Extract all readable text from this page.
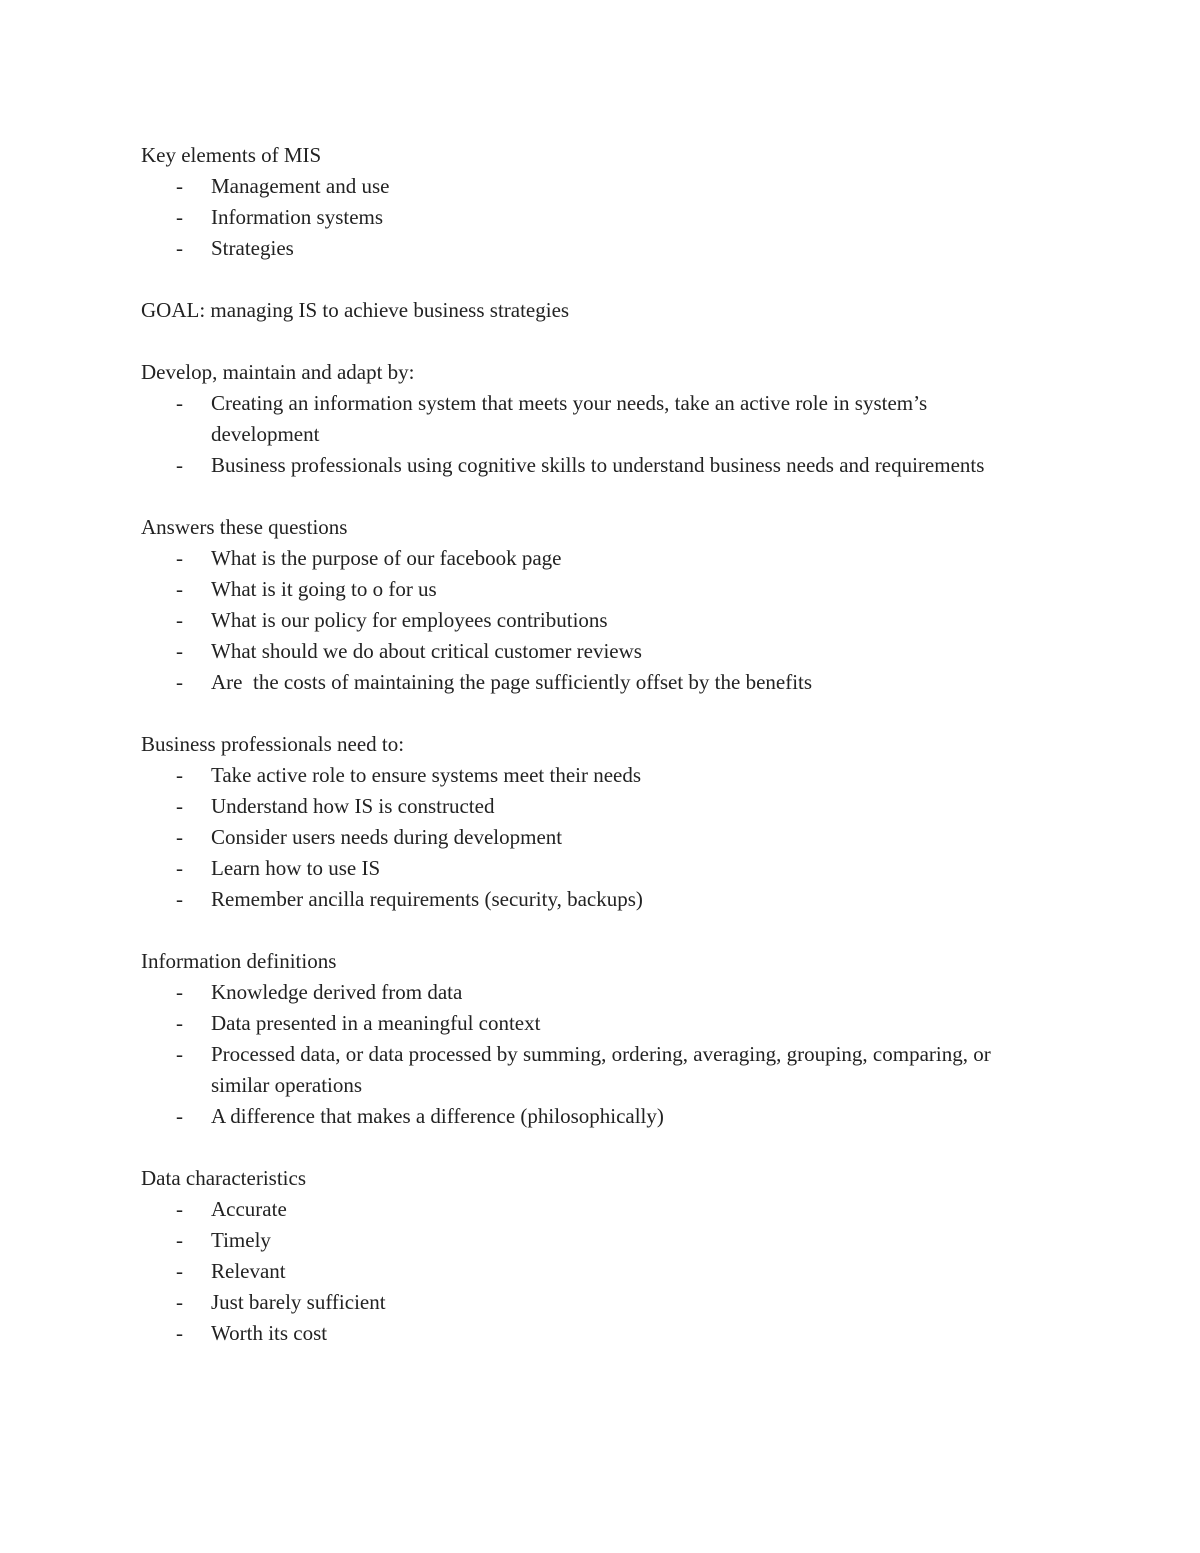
Key elements of MIS

- Management and use
- Information systems
- Strategies

GOAL: managing IS to achieve business strategies

Develop, maintain and adapt by:

- Creating an information system that meets your needs, take an active role in system’s development
- Business professionals using cognitive skills to understand business needs and requirements

Answers these questions

- What is the purpose of our facebook page
- What is it going to o for us
- What is our policy for employees contributions
- What should we do about critical customer reviews
- Are  the costs of maintaining the page sufficiently offset by the benefits

Business professionals need to:

- Take active role to ensure systems meet their needs
- Understand how IS is constructed
- Consider users needs during development
- Learn how to use IS
- Remember ancilla requirements (security, backups)

Information definitions

- Knowledge derived from data
- Data presented in a meaningful context
- Processed data, or data processed by summing, ordering, averaging, grouping, comparing, or similar operations
- A difference that makes a difference (philosophically)

Data characteristics

- Accurate
- Timely
- Relevant
- Just barely sufficient
- Worth its cost
